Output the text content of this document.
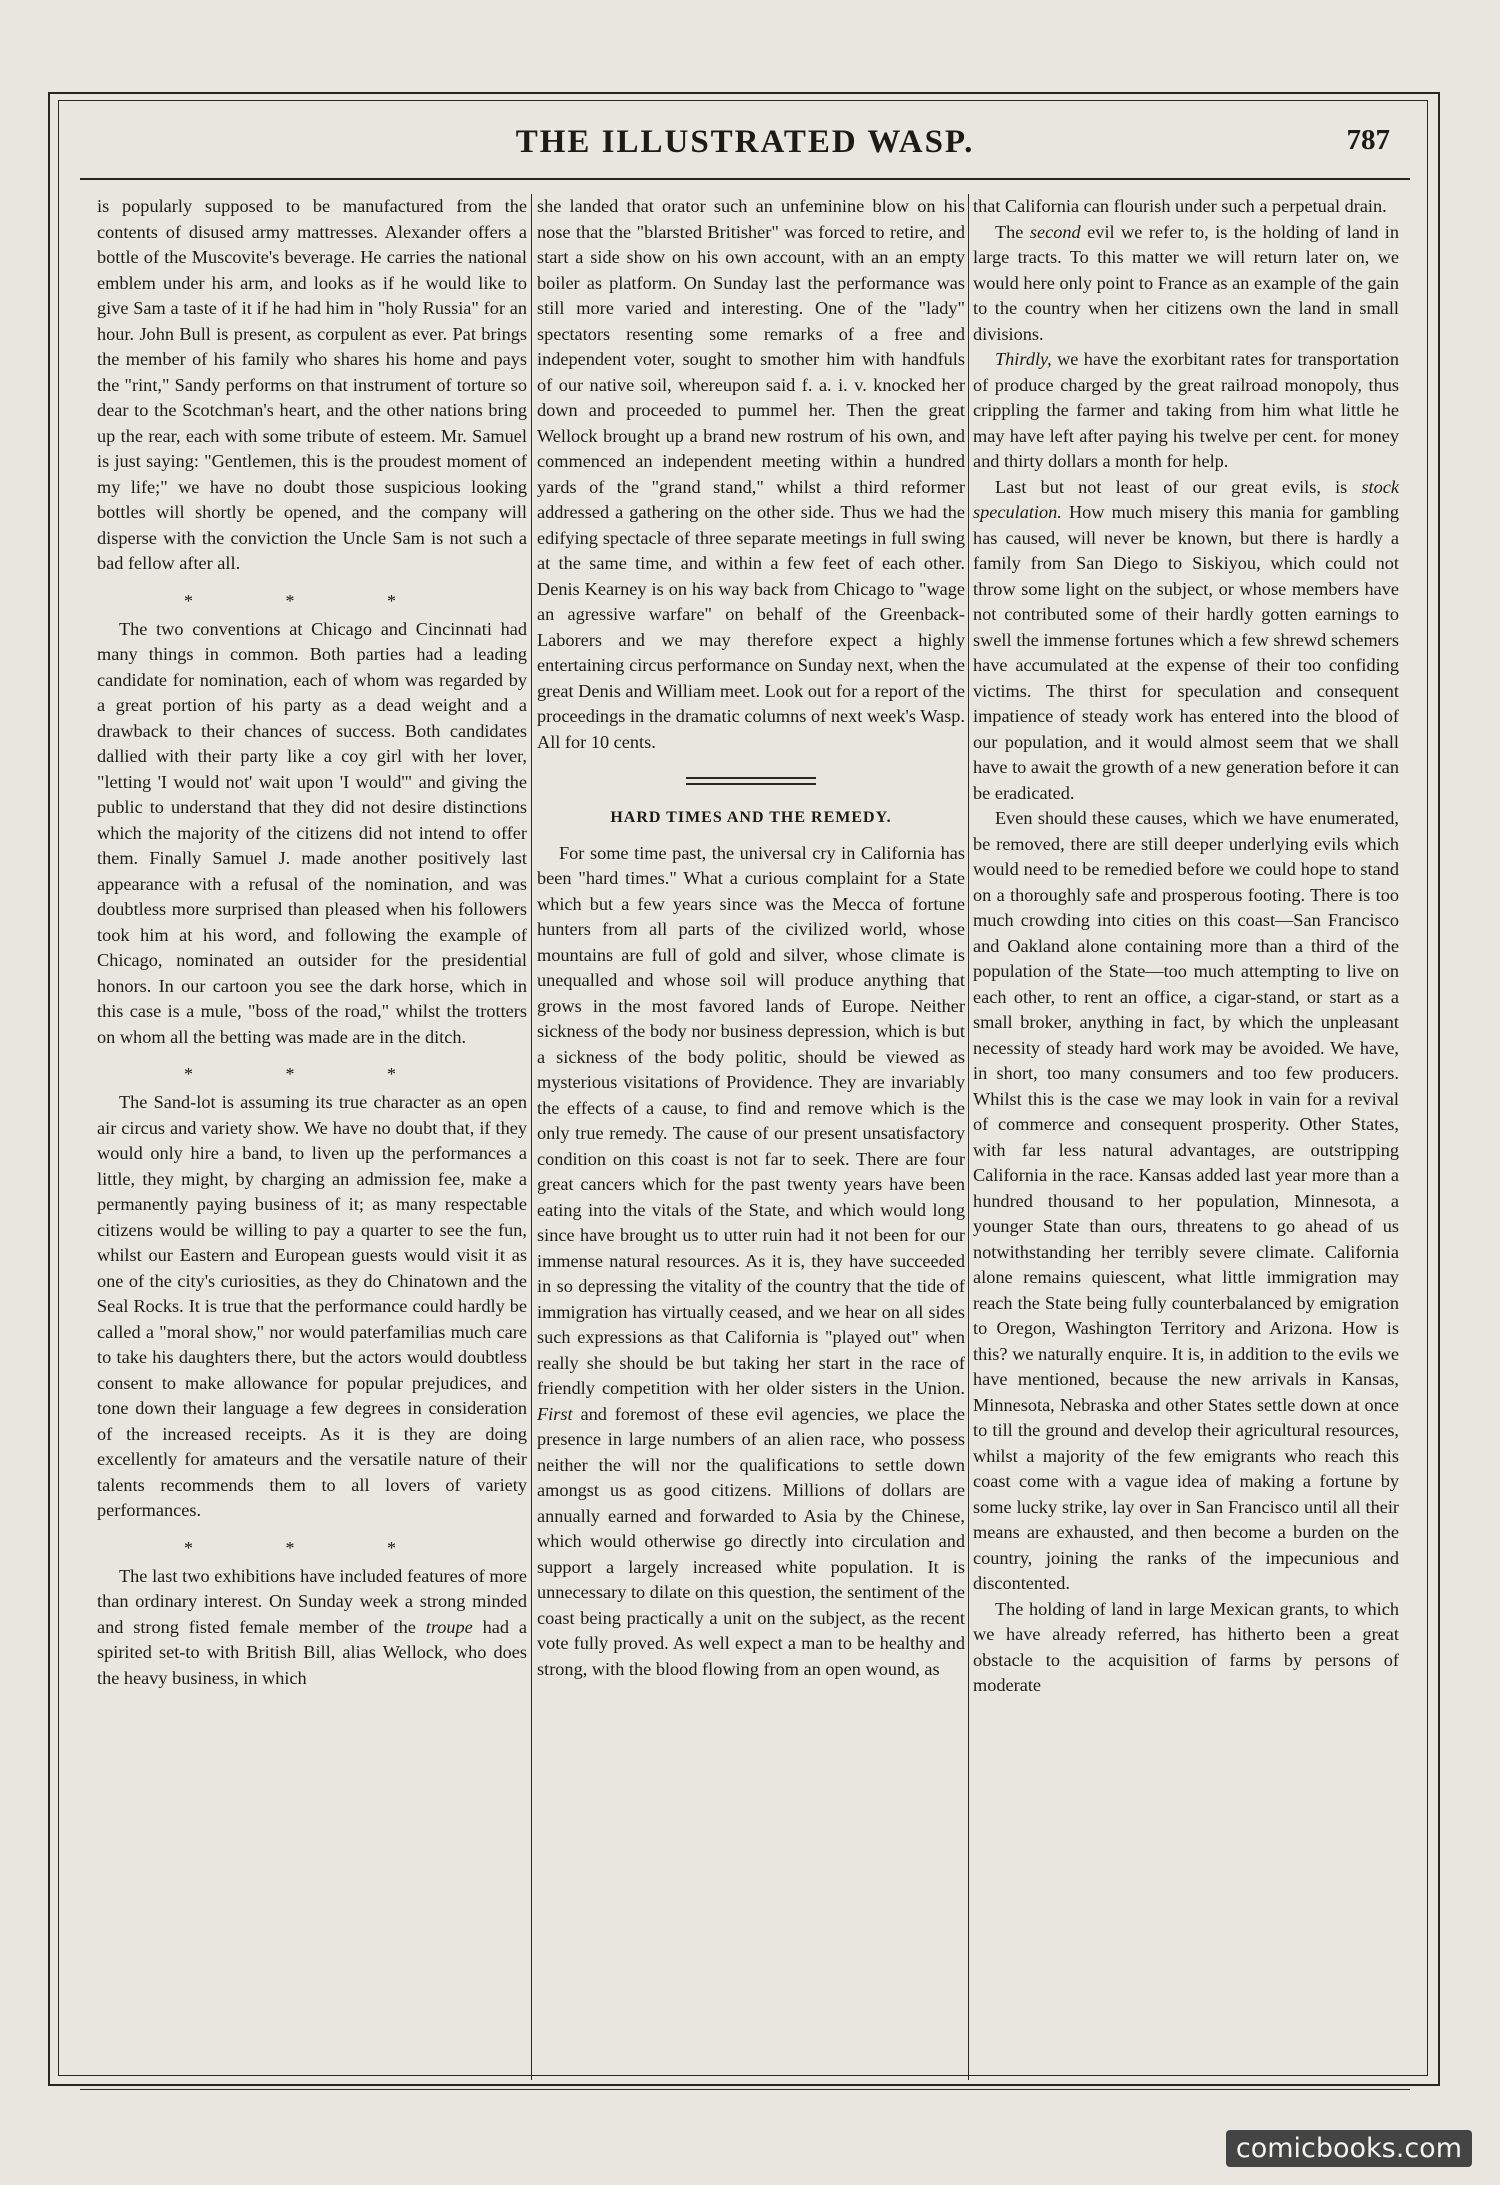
THE ILLUSTRATED WASP.	787

is popularly supposed to be manufactured from the contents of disused army mattresses. Alexander offers a bottle of the Muscovite's beverage. He carries the national emblem under his arm, and looks as if he would like to give Sam a taste of it if he had him in "holy Russia" for an hour. John Bull is present, as corpulent as ever. Pat brings the member of his family who shares his home and pays the "rint," Sandy performs on that instrument of torture so dear to the Scotchman's heart, and the other nations bring up the rear, each with some tribute of esteem. Mr. Samuel is just saying: "Gentlemen, this is the proudest moment of my life;" we have no doubt those suspicious looking bottles will shortly be opened, and the company will disperse with the conviction the Uncle Sam is not such a bad fellow after all.

* * *

The two conventions at Chicago and Cincinnati had many things in common. Both parties had a leading candidate for nomination, each of whom was regarded by a great portion of his party as a dead weight and a drawback to their chances of success. Both candidates dallied with their party like a coy girl with her lover, "letting 'I would not' wait upon 'I would'" and giving the public to understand that they did not desire distinctions which the majority of the citizens did not intend to offer them. Finally Samuel J. made another positively last appearance with a refusal of the nomination, and was doubtless more surprised than pleased when his followers took him at his word, and following the example of Chicago, nominated an outsider for the presidential honors. In our cartoon you see the dark horse, which in this case is a mule, "boss of the road," whilst the trotters on whom all the betting was made are in the ditch.

* * *

The Sand-lot is assuming its true character as an open air circus and variety show. We have no doubt that, if they would only hire a band, to liven up the performances a little, they might, by charging an admission fee, make a permanently paying business of it; as many respectable citizens would be willing to pay a quarter to see the fun, whilst our Eastern and European guests would visit it as one of the city's curiosities, as they do Chinatown and the Seal Rocks. It is true that the performance could hardly be called a "moral show," nor would paterfamilias much care to take his daughters there, but the actors would doubtless consent to make allowance for popular prejudices, and tone down their language a few degrees in consideration of the increased receipts. As it is they are doing excellently for amateurs and the versatile nature of their talents recommends them to all lovers of variety performances.

* * *

The last two exhibitions have included features of more than ordinary interest. On Sunday week a strong minded and strong fisted female member of the troupe had a spirited set-to with British Bill, alias Wellock, who does the heavy business, in which

she landed that orator such an unfeminine blow on his nose that the "blarsted Britisher" was forced to retire, and start a side show on his own account, with an an empty boiler as platform. On Sunday last the performance was still more varied and interesting. One of the "lady" spectators resenting some remarks of a free and independent voter, sought to smother him with handfuls of our native soil, whereupon said f. a. i. v. knocked her down and proceeded to pummel her. Then the great Wellock brought up a brand new rostrum of his own, and commenced an independent meeting within a hundred yards of the "grand stand," whilst a third reformer addressed a gathering on the other side. Thus we had the edifying spectacle of three separate meetings in full swing at the same time, and within a few feet of each other. Denis Kearney is on his way back from Chicago to "wage an agressive warfare" on behalf of the Greenback-Laborers and we may therefore expect a highly entertaining circus performance on Sunday next, when the great Denis and William meet. Look out for a report of the proceedings in the dramatic columns of next week's Wasp. All for 10 cents.

HARD TIMES AND THE REMEDY.

For some time past, the universal cry in California has been "hard times." What a curious complaint for a State which but a few years since was the Mecca of fortune hunters from all parts of the civilized world, whose mountains are full of gold and silver, whose climate is unequalled and whose soil will produce anything that grows in the most favored lands of Europe. Neither sickness of the body nor business depression, which is but a sickness of the body politic, should be viewed as mysterious visitations of Providence. They are invariably the effects of a cause, to find and remove which is the only true remedy. The cause of our present unsatisfactory condition on this coast is not far to seek. There are four great cancers which for the past twenty years have been eating into the vitals of the State, and which would long since have brought us to utter ruin had it not been for our immense natural resources. As it is, they have succeeded in so depressing the vitality of the country that the tide of immigration has virtually ceased, and we hear on all sides such expressions as that California is "played out" when really she should be but taking her start in the race of friendly competition with her older sisters in the Union. First and foremost of these evil agencies, we place the presence in large numbers of an alien race, who possess neither the will nor the qualifications to settle down amongst us as good citizens. Millions of dollars are annually earned and forwarded to Asia by the Chinese, which would otherwise go directly into circulation and support a largely increased white population. It is unnecessary to dilate on this question, the sentiment of the coast being practically a unit on the subject, as the recent vote fully proved. As well expect a man to be healthy and strong, with the blood flowing from an open wound, as

that California can flourish under such a perpetual drain.

The second evil we refer to, is the holding of land in large tracts. To this matter we will return later on, we would here only point to France as an example of the gain to the country when her citizens own the land in small divisions.

Thirdly, we have the exorbitant rates for transportation of produce charged by the great railroad monopoly, thus crippling the farmer and taking from him what little he may have left after paying his twelve per cent. for money and thirty dollars a month for help.

Last but not least of our great evils, is stock speculation. How much misery this mania for gambling has caused, will never be known, but there is hardly a family from San Diego to Siskiyou, which could not throw some light on the subject, or whose members have not contributed some of their hardly gotten earnings to swell the immense fortunes which a few shrewd schemers have accumulated at the expense of their too confiding victims. The thirst for speculation and consequent impatience of steady work has entered into the blood of our population, and it would almost seem that we shall have to await the growth of a new generation before it can be eradicated.

Even should these causes, which we have enumerated, be removed, there are still deeper underlying evils which would need to be remedied before we could hope to stand on a thoroughly safe and prosperous footing. There is too much crowding into cities on this coast—San Francisco and Oakland alone containing more than a third of the population of the State—too much attempting to live on each other, to rent an office, a cigar-stand, or start as a small broker, anything in fact, by which the unpleasant necessity of steady hard work may be avoided. We have, in short, too many consumers and too few producers. Whilst this is the case we may look in vain for a revival of commerce and consequent prosperity. Other States, with far less natural advantages, are outstripping California in the race. Kansas added last year more than a hundred thousand to her population, Minnesota, a younger State than ours, threatens to go ahead of us notwithstanding her terribly severe climate. California alone remains quiescent, what little immigration may reach the State being fully counterbalanced by emigration to Oregon, Washington Territory and Arizona. How is this? we naturally enquire. It is, in addition to the evils we have mentioned, because the new arrivals in Kansas, Minnesota, Nebraska and other States settle down at once to till the ground and develop their agricultural resources, whilst a majority of the few emigrants who reach this coast come with a vague idea of making a fortune by some lucky strike, lay over in San Francisco until all their means are exhausted, and then become a burden on the country, joining the ranks of the impecunious and discontented.

The holding of land in large Mexican grants, to which we have already referred, has hitherto been a great obstacle to the acquisition of farms by persons of moderate

comicbooks.com
